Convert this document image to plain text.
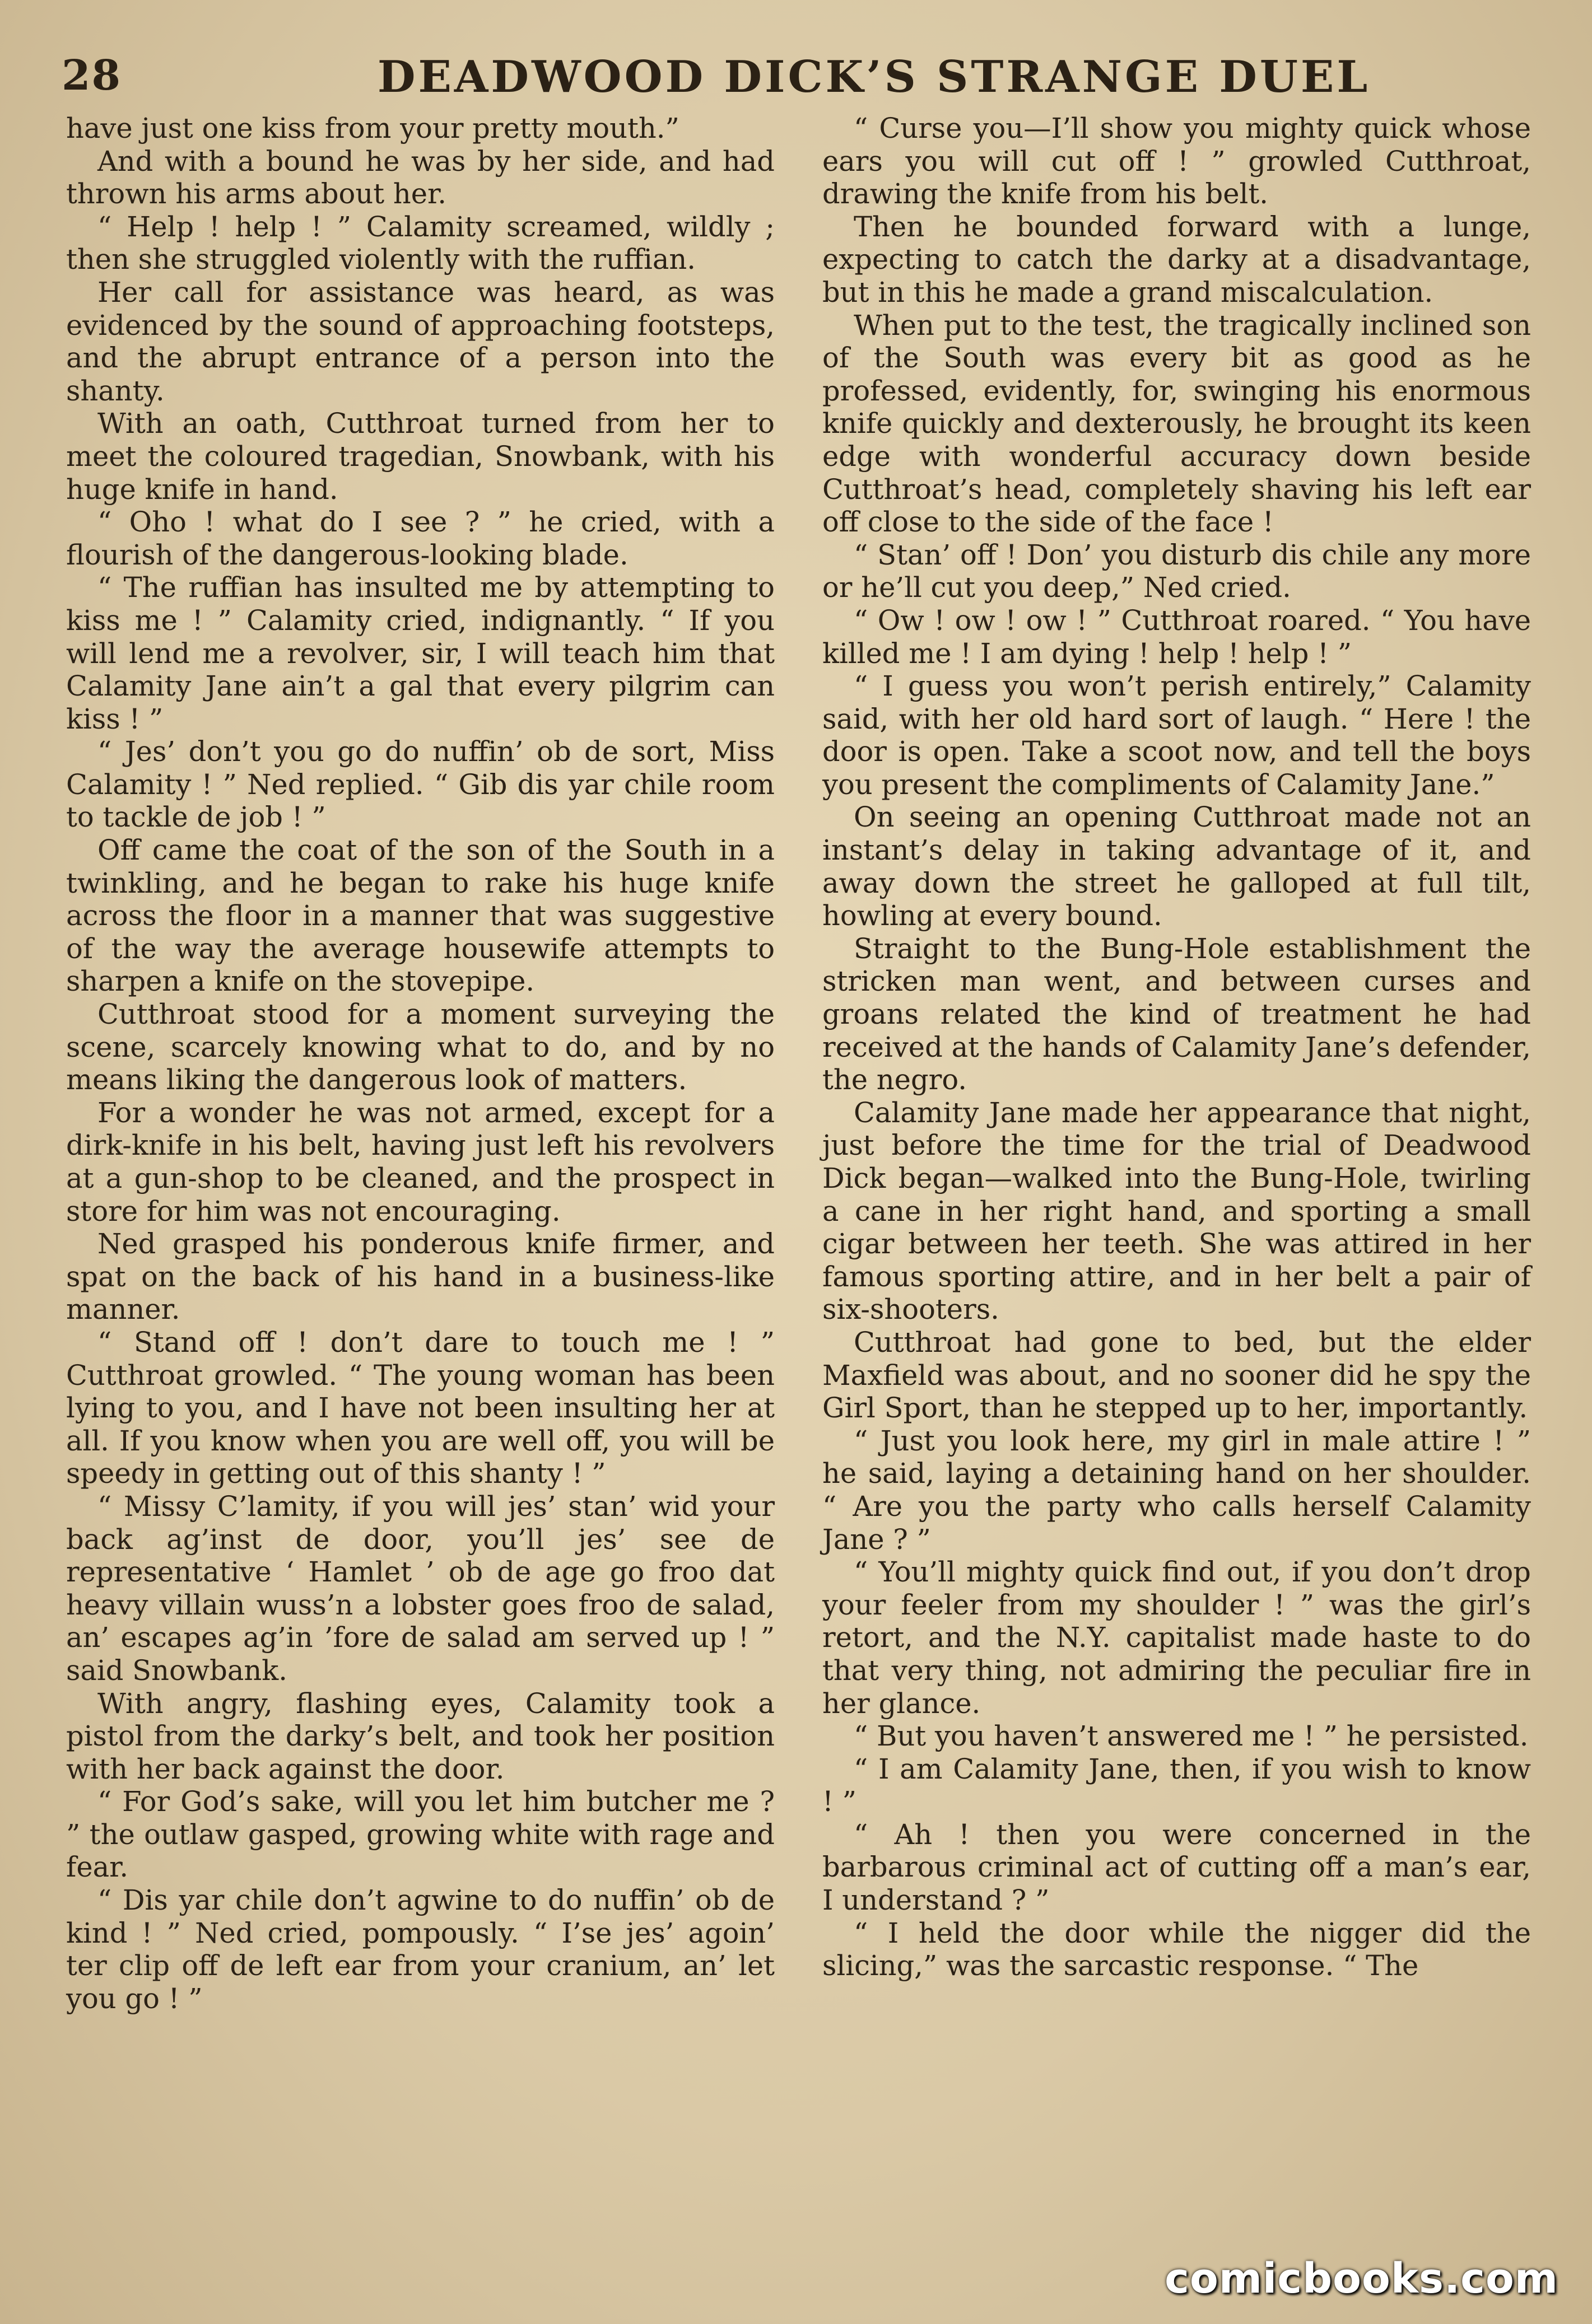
28	DEADWOOD DICK’S STRANGE DUEL

have just one kiss from your pretty mouth.”

And with a bound he was by her side, and had thrown his arms about her.

“ Help ! help ! ” Calamity screamed, wildly ; then she struggled violently with the ruffian.

Her call for assistance was heard, as was evidenced by the sound of approaching footsteps, and the abrupt entrance of a person into the shanty.

With an oath, Cutthroat turned from her to meet the coloured tragedian, Snowbank, with his huge knife in hand.

“ Oho ! what do I see ? ” he cried, with a flourish of the dangerous-looking blade.

“ The ruffian has insulted me by attempting to kiss me ! ” Calamity cried, indignantly. “ If you will lend me a revolver, sir, I will teach him that Calamity Jane ain’t a gal that every pilgrim can kiss ! ”

“ Jes’ don’t you go do nuffin’ ob de sort, Miss Calamity ! ” Ned replied. “ Gib dis yar chile room to tackle de job ! ”

Off came the coat of the son of the South in a twinkling, and he began to rake his huge knife across the floor in a manner that was suggestive of the way the average housewife attempts to sharpen a knife on the stovepipe.

Cutthroat stood for a moment surveying the scene, scarcely knowing what to do, and by no means liking the dangerous look of matters.

For a wonder he was not armed, except for a dirk-knife in his belt, having just left his revolvers at a gun-shop to be cleaned, and the prospect in store for him was not encouraging.

Ned grasped his ponderous knife firmer, and spat on the back of his hand in a business-like manner.

“ Stand off ! don’t dare to touch me ! ” Cutthroat growled. “ The young woman has been lying to you, and I have not been insulting her at all. If you know when you are well off, you will be speedy in getting out of this shanty ! ”

“ Missy C’lamity, if you will jes’ stan’ wid your back ag’inst de door, you’ll jes’ see de representative ‘ Hamlet ’ ob de age go froo dat heavy villain wuss’n a lobster goes froo de salad, an’ escapes ag’in ’fore de salad am served up ! ” said Snowbank.

With angry, flashing eyes, Calamity took a pistol from the darky’s belt, and took her position with her back against the door.

“ For God’s sake, will you let him butcher me ? ” the outlaw gasped, growing white with rage and fear.

“ Dis yar chile don’t agwine to do nuffin’ ob de kind ! ” Ned cried, pompously. “ I’se jes’ agoin’ ter clip off de left ear from your cranium, an’ let you go ! ”

“ Curse you—I’ll show you mighty quick whose ears you will cut off ! ” growled Cutthroat, drawing the knife from his belt.

Then he bounded forward with a lunge, expecting to catch the darky at a disadvantage, but in this he made a grand miscalculation.

When put to the test, the tragically inclined son of the South was every bit as good as he professed, evidently, for, swinging his enormous knife quickly and dexterously, he brought its keen edge with wonderful accuracy down beside Cutthroat’s head, completely shaving his left ear off close to the side of the face !

“ Stan’ off ! Don’ you disturb dis chile any more or he’ll cut you deep,” Ned cried.

“ Ow ! ow ! ow ! ” Cutthroat roared. “ You have killed me ! I am dying ! help ! help ! ”

“ I guess you won’t perish entirely,” Calamity said, with her old hard sort of laugh. “ Here ! the door is open. Take a scoot now, and tell the boys you present the compliments of Calamity Jane.”

On seeing an opening Cutthroat made not an instant’s delay in taking advantage of it, and away down the street he galloped at full tilt, howling at every bound.

Straight to the Bung-Hole establishment the stricken man went, and between curses and groans related the kind of treatment he had received at the hands of Calamity Jane’s defender, the negro.

Calamity Jane made her appearance that night, just before the time for the trial of Deadwood Dick began—walked into the Bung-Hole, twirling a cane in her right hand, and sporting a small cigar between her teeth. She was attired in her famous sporting attire, and in her belt a pair of six-shooters.

Cutthroat had gone to bed, but the elder Maxfield was about, and no sooner did he spy the Girl Sport, than he stepped up to her, importantly.

“ Just you look here, my girl in male attire ! ” he said, laying a detaining hand on her shoulder. “ Are you the party who calls herself Calamity Jane ? ”

“ You’ll mighty quick find out, if you don’t drop your feeler from my shoulder ! ” was the girl’s retort, and the N.Y. capitalist made haste to do that very thing, not admiring the peculiar fire in her glance.

“ But you haven’t answered me ! ” he persisted.

“ I am Calamity Jane, then, if you wish to know ! ”

“ Ah ! then you were concerned in the barbarous criminal act of cutting off a man’s ear, I understand ? ”

“ I held the door while the nigger did the slicing,” was the sarcastic response. “ The

comicbooks.com
